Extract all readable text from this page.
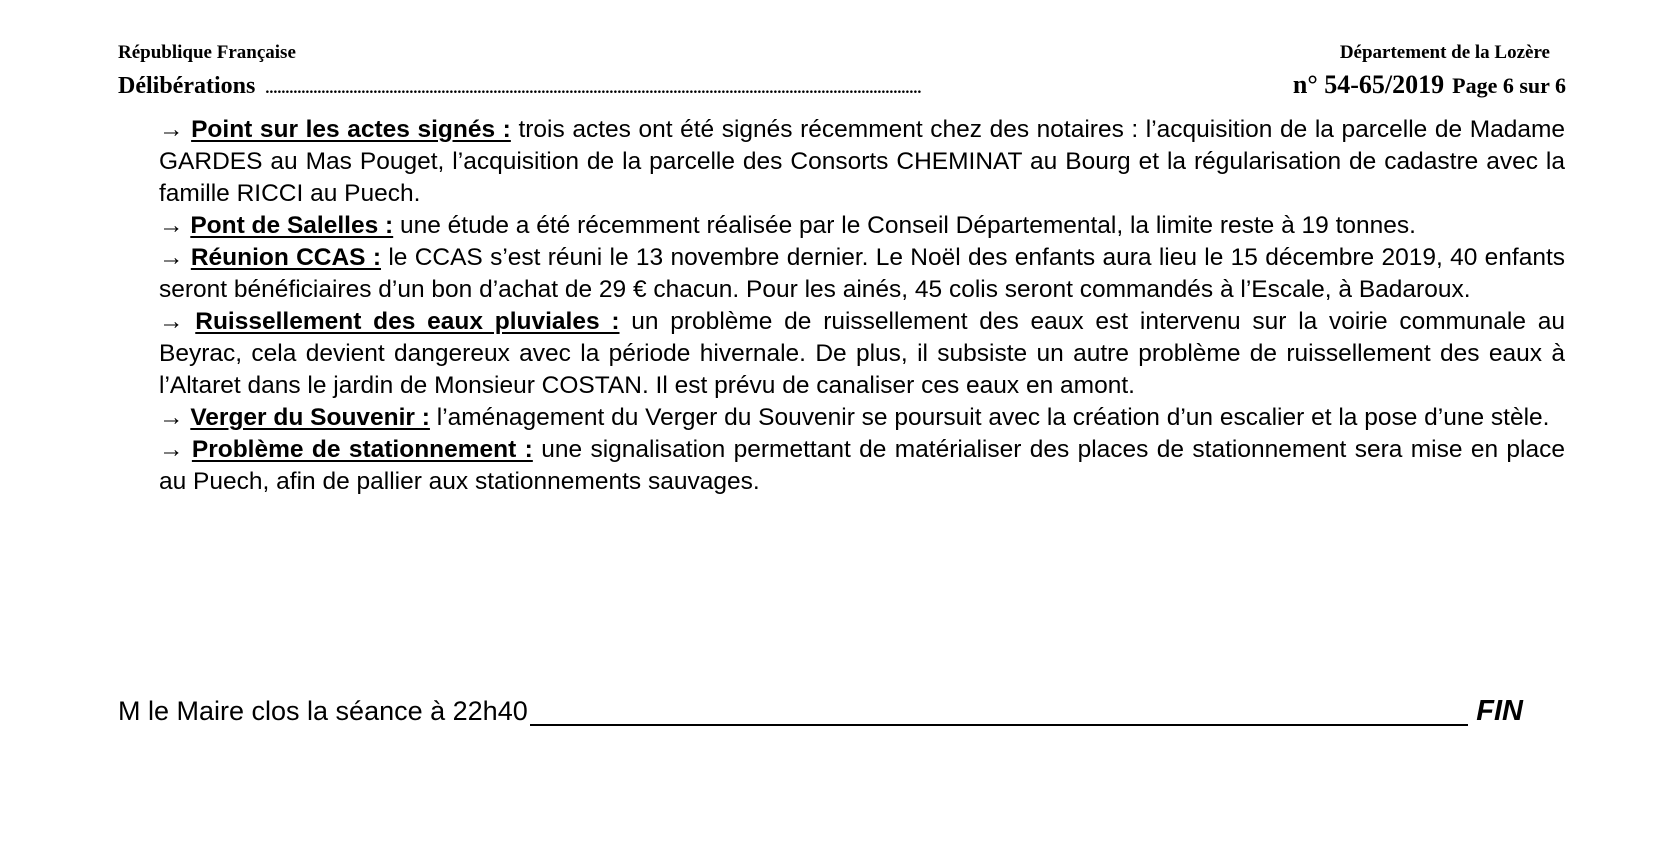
République Française	Département de la Lozère
Délibérations ....................................................................................................................................................................	n° 54-65/2019 Page 6 sur 6

→ Point sur les actes signés : trois actes ont été signés récemment chez des notaires : l’acquisition de la parcelle de Madame GARDES au Mas Pouget, l’acquisition de la parcelle des Consorts CHEMINAT au Bourg et la régularisation de cadastre avec la famille RICCI au Puech.

→ Pont de Salelles : une étude a été récemment réalisée par le Conseil Départemental, la limite reste à 19 tonnes.

→ Réunion CCAS : le CCAS s’est réuni le 13 novembre dernier. Le Noël des enfants aura lieu le 15 décembre 2019, 40 enfants seront bénéficiaires d’un bon d’achat de 29 € chacun. Pour les ainés, 45 colis seront commandés à l’Escale, à Badaroux.

→ Ruissellement des eaux pluviales : un problème de ruissellement des eaux est intervenu sur la voirie communale au Beyrac, cela devient dangereux avec la période hivernale. De plus, il subsiste un autre problème de ruissellement des eaux à l’Altaret dans le jardin de Monsieur COSTAN. Il est prévu de canaliser ces eaux en amont.

→ Verger du Souvenir : l’aménagement du Verger du Souvenir se poursuit avec la création d’un escalier et la pose d’une stèle.

→ Problème de stationnement : une signalisation permettant de matérialiser des places de stationnement sera mise en place au Puech, afin de pallier aux stationnements sauvages.

M le Maire clos la séance à 22h40	FIN
